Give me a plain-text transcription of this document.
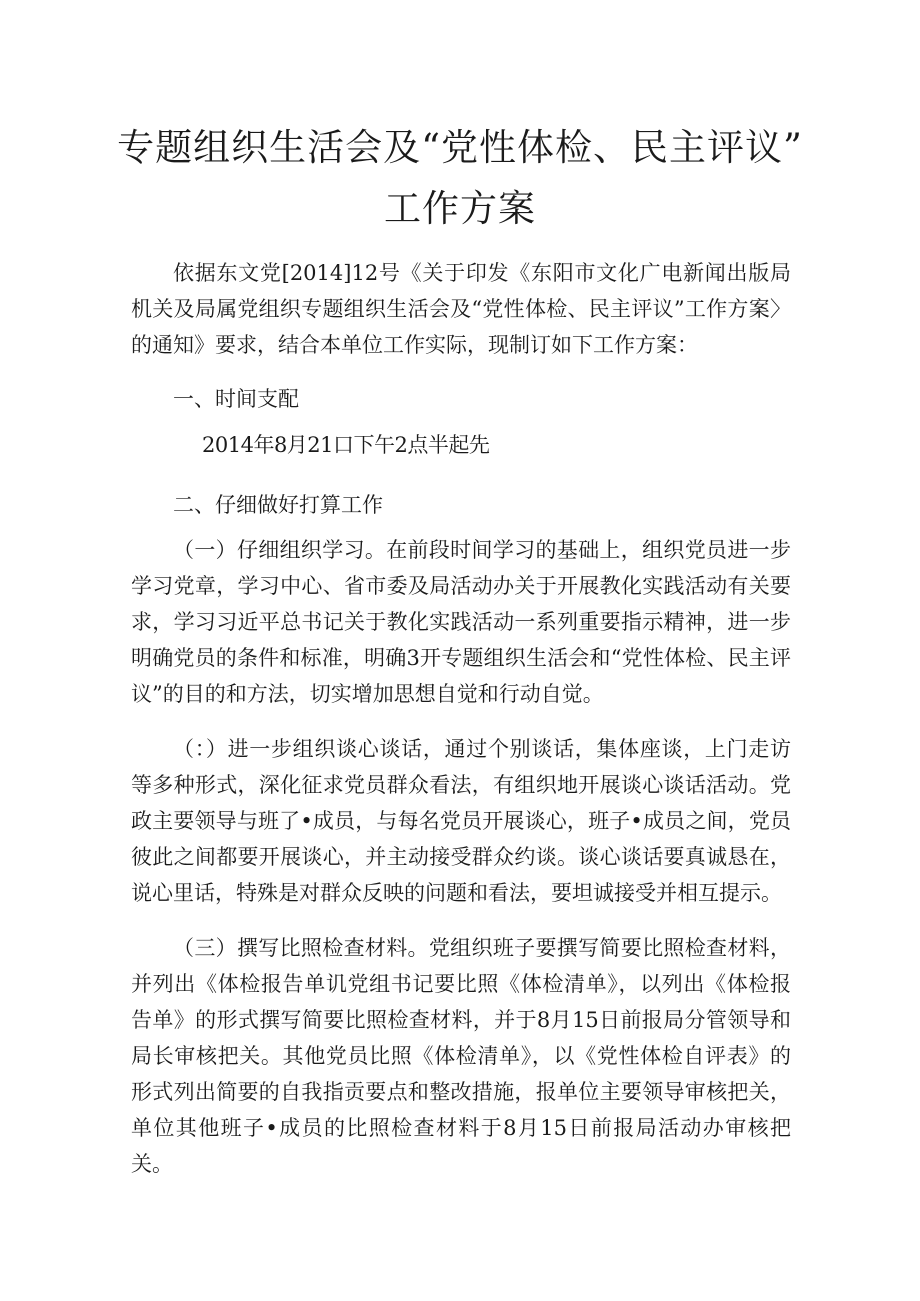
专题组织生活会及“党性体检、民主评议”
工作方案

依据东文党[2014]12号《关于印发《东阳市文化广电新闻出版局机关及局属党组织专题组织生活会及“党性体检、民主评议”工作方案〉的通知》要求，结合本单位工作实际，现制订如下工作方案：

一、时间支配

2014年8月21口下午2点半起先

二、仔细做好打算工作

（一）仔细组织学习。在前段时间学习的基础上，组织党员进一步学习党章，学习中心、省市委及局活动办关于开展教化实践活动有关要求，学习习近平总书记关于教化实践活动一系列重要指示精神，进一步明确党员的条件和标准，明确3开专题组织生活会和“党性体检、民主评议”的目的和方法，切实增加思想自觉和行动自觉。

（：）进一步组织谈心谈话，通过个别谈话，集体座谈，上门走访等多种形式，深化征求党员群众看法，有组织地开展谈心谈话活动。党政主要领导与班了•成员，与每名党员开展谈心，班子•成员之间，党员彼此之间都要开展谈心，并主动接受群众约谈。谈心谈话要真诚恳在，说心里话，特殊是对群众反映的问题和看法，要坦诚接受并相互提示。

（三）撰写比照检查材料。党组织班子要撰写简要比照检查材料，并列出《体检报告单讥党组书记要比照《体检清单》，以列出《体检报告单》的形式撰写简要比照检查材料，并于8月15日前报局分管领导和局长审核把关。其他党员比照《体检清单》，以《党性体检自评表》的形式列出简要的自我指贡要点和整改措施，报单位主要领导审核把关，单位其他班子•成员的比照检查材料于8月15日前报局活动办审核把关。
